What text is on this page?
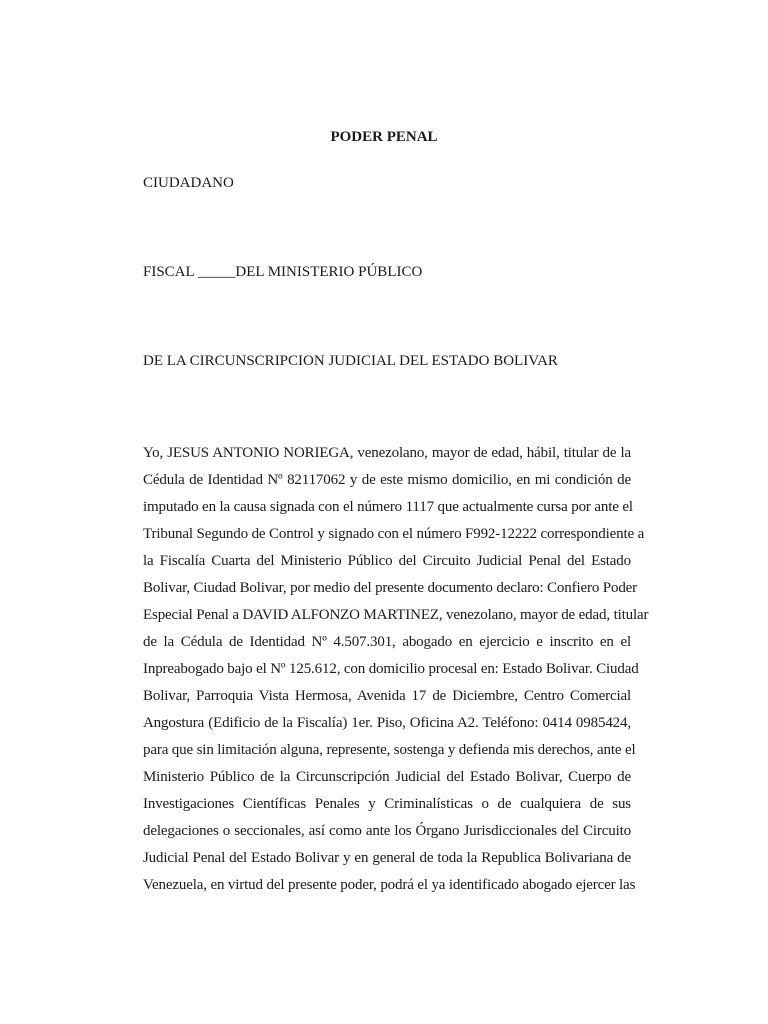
PODER PENAL
CIUDADANO
FISCAL _____DEL MINISTERIO PÚBLICO
DE LA CIRCUNSCRIPCION JUDICIAL DEL ESTADO BOLIVAR
Yo, JESUS ANTONIO NORIEGA, venezolano, mayor de edad, hábil, titular de la
Cédula de Identidad Nº 82117062 y de este mismo domicilio, en mi condición de
imputado en la causa signada con el número 1117 que actualmente cursa por ante el
Tribunal Segundo de Control y signado con el número F992-12222 correspondiente a
la Fiscalía Cuarta del Ministerio Público del Circuito Judicial Penal del Estado
Bolivar, Ciudad Bolivar, por medio del presente documento declaro: Confiero Poder
Especial Penal a DAVID ALFONZO MARTINEZ, venezolano, mayor de edad, titular
de la Cédula de Identidad Nº 4.507.301, abogado en ejercicio e inscrito en el
Inpreabogado bajo el Nº 125.612, con domicilio procesal en: Estado Bolivar. Ciudad
Bolivar, Parroquia Vista Hermosa, Avenida 17 de Diciembre, Centro Comercial
Angostura (Edificio de la Fiscalía) 1er. Piso, Oficina A2. Teléfono: 0414 0985424,
para que sin limitación alguna, represente, sostenga y defienda mis derechos, ante el
Ministerio Público de la Circunscripción Judicial del Estado Bolivar, Cuerpo de
Investigaciones Científicas Penales y Criminalísticas o de cualquiera de sus
delegaciones o seccionales, así como ante los Órgano Jurisdiccionales del Circuito
Judicial Penal del Estado Bolivar y en general de toda la Republica Bolivariana de
Venezuela, en virtud del presente poder, podrá el ya identificado abogado ejercer las
